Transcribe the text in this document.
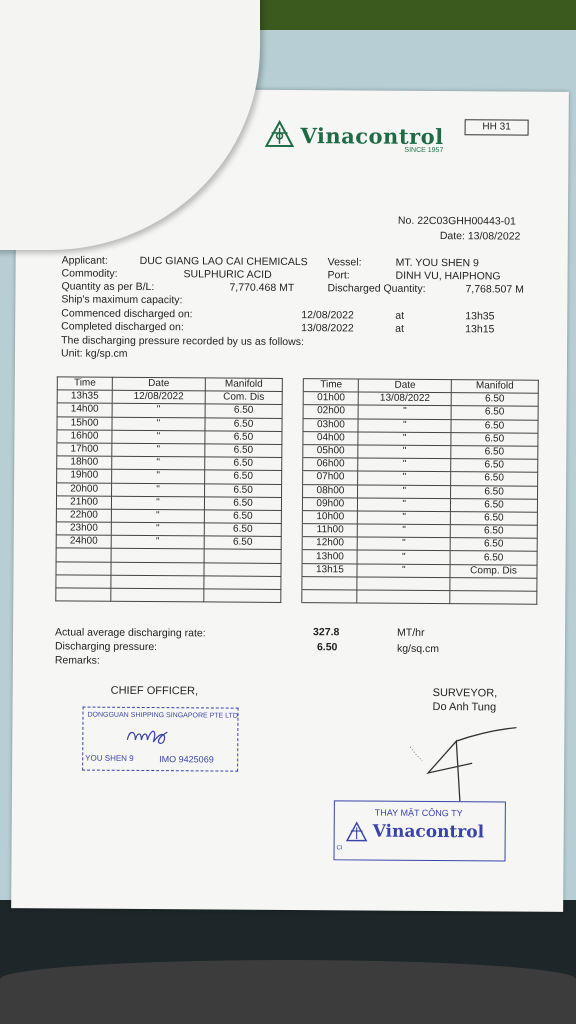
HH 31
Vinacontrol
SINCE 1957
No. 22C03GHH00443-01
Date: 13/08/2022
Applicant:	DUC GIANG LAO CAI CHEMICALS Vessel:	MT. YOU SHEN 9
Commodity:	SULPHURIC ACID	Port:	DINH VU, HAIPHONG
Quantity as per B/L:	7,770.468 MT	Discharged Quantity:	7,768.507 M
Ship's maximum capacity:
Commenced discharged on:	12/08/2022	at	13h35
Completed discharged on:	13/08/2022	at	13h15
The discharging pressure recorded by us as follows:
Unit: kg/sp.cm
Time	Date	Manifold		Time	Date	Manifold
13h35	12/08/2022	Com. Dis		01h00	13/08/2022	6.50
14h00	"	6.50		02h00	"	6.50
15h00	"	6.50		03h00	"	6.50
16h00	"	6.50		04h00	"	6.50
17h00	"	6.50		05h00	"	6.50
18h00	"	6.50		06h00	"	6.50
19h00	"	6.50		07h00	"	6.50
20h00	"	6.50		08h00	"	6.50
21h00	"	6.50		09h00	"	6.50
22h00	"	6.50		10h00	"	6.50
23h00	"	6.50		11h00	"	6.50
24h00	"	6.50		12h00	"	6.50
				13h00	"	6.50
				13h15	"	Comp. Dis

Actual average discharging rate:	327.8	MT/hr
Discharging pressure:	6.50	kg/sq.cm
Remarks:
CHIEF OFFICER,	SURVEYOR,
Do Anh Tung
DONGGUAN SHIPPING SINGAPORE PTE LTD
YOU SHEN 9	IMO 9425069
THAY MẶT CÔNG TY
Vinacontrol
CI
